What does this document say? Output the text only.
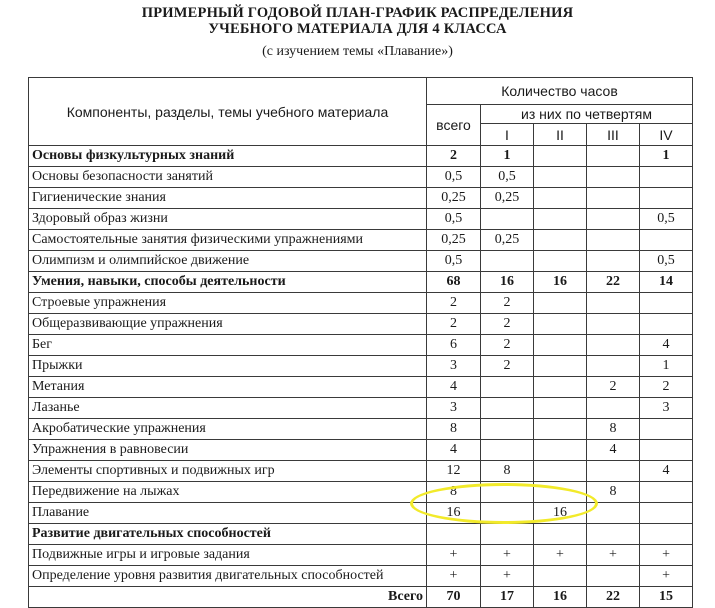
ПРИМЕРНЫЙ ГОДОВОЙ ПЛАН-ГРАФИК РАСПРЕДЕЛЕНИЯ
УЧЕБНОГО МАТЕРИАЛА ДЛЯ 4 КЛАССА
(с изучением темы «Плавание»)
Компоненты, разделы, темы учебного материала	Количество часов				
	всего	из них по четвертям			
		I	II	III	IV
Основы физкультурных знаний	2	1			1
Основы безопасности занятий	0,5	0,5			
Гигиенические знания	0,25	0,25			
Здоровый образ жизни	0,5				0,5
Самостоятельные занятия физическими упражнениями	0,25	0,25			
Олимпизм и олимпийское движение	0,5				0,5
Умения, навыки, способы деятельности	68	16	16	22	14
Строевые упражнения	2	2			
Общеразвивающие упражнения	2	2			
Бег	6	2			4
Прыжки	3	2			1
Метания	4			2	2
Лазанье	3				3
Акробатические упражнения	8			8	
Упражнения в равновесии	4			4	
Элементы спортивных и подвижных игр	12	8			4
Передвижение на лыжах	8			8	
Плавание	16		16		
Развитие двигательных способностей					
Подвижные игры и игровые задания	+	+	+	+	+
Определение уровня развития двигательных способностей	+	+			+
Всего	70	17	16	22	15
